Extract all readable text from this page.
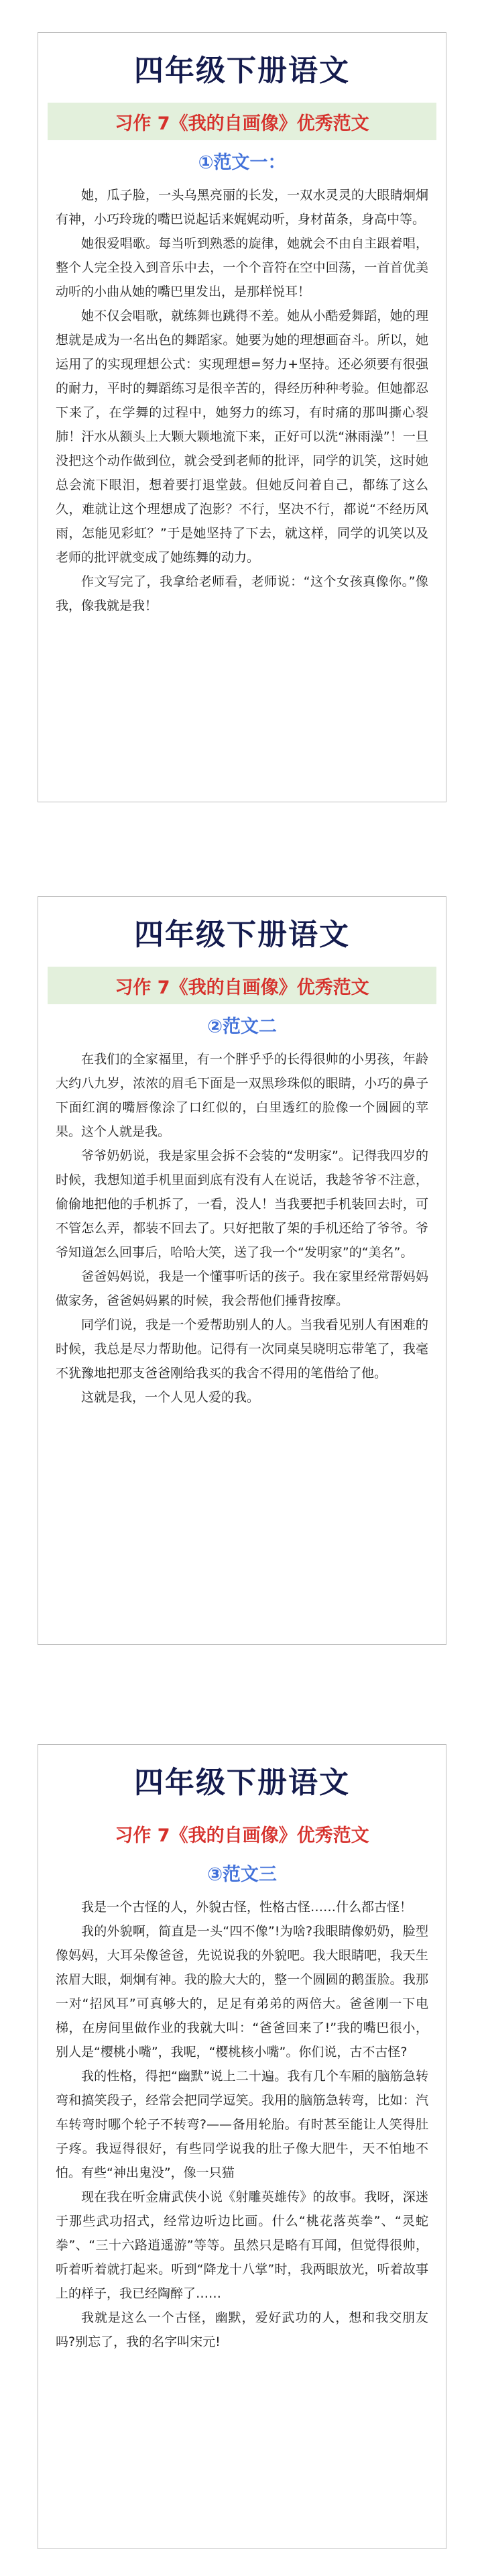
四年级下册语文
习作 7《我的自画像》优秀范文
①范文一：

她，瓜子脸，一头乌黑亮丽的长发，一双水灵灵的大眼睛炯炯有神，小巧玲珑的嘴巴说起话来娓娓动听，身材苗条，身高中等。

她很爱唱歌。每当听到熟悉的旋律，她就会不由自主跟着唱，整个人完全投入到音乐中去，一个个音符在空中回荡，一首首优美动听的小曲从她的嘴巴里发出，是那样悦耳！

她不仅会唱歌，就练舞也跳得不差。她从小酷爱舞蹈，她的理想就是成为一名出色的舞蹈家。她要为她的理想画奋斗。所以，她运用了的实现理想公式：实现理想=努力+坚持。还必须要有很强的耐力，平时的舞蹈练习是很辛苦的，得经历种种考验。但她都忍下来了，在学舞的过程中，她努力的练习，有时痛的那叫撕心裂肺！汗水从额头上大颗大颗地流下来，正好可以洗“淋雨澡”！一旦没把这个动作做到位，就会受到老师的批评，同学的讥笑，这时她总会流下眼泪，想着要打退堂鼓。但她反问着自己，都练了这么久，难就让这个理想成了泡影？不行，坚决不行，都说“不经历风雨，怎能见彩虹？”于是她坚持了下去，就这样，同学的讥笑以及老师的批评就变成了她练舞的动力。

作文写完了，我拿给老师看，老师说：“这个女孩真像你。”像我，像我就是我！

四年级下册语文
习作 7《我的自画像》优秀范文
②范文二

在我们的全家福里，有一个胖乎乎的长得很帅的小男孩，年龄大约八九岁，浓浓的眉毛下面是一双黑珍珠似的眼睛，小巧的鼻子下面红润的嘴唇像涂了口红似的，白里透红的脸像一个圆圆的苹果。这个人就是我。

爷爷奶奶说，我是家里会拆不会装的“发明家”。记得我四岁的时候，我想知道手机里面到底有没有人在说话，我趁爷爷不注意，偷偷地把他的手机拆了，一看，没人！当我要把手机装回去时，可不管怎么弄，都装不回去了。只好把散了架的手机还给了爷爷。爷爷知道怎么回事后，哈哈大笑，送了我一个“发明家”的“美名”。

爸爸妈妈说，我是一个懂事听话的孩子。我在家里经常帮妈妈做家务，爸爸妈妈累的时候，我会帮他们捶背按摩。

同学们说，我是一个爱帮助别人的人。当我看见别人有困难的时候，我总是尽力帮助他。记得有一次同桌吴晓明忘带笔了，我毫不犹豫地把那支爸爸刚给我买的我舍不得用的笔借给了他。

这就是我，一个人见人爱的我。

四年级下册语文
习作 7《我的自画像》优秀范文
③范文三

我是一个古怪的人，外貌古怪，性格古怪……什么都古怪！

我的外貌啊，简直是一头“四不像”!为啥?我眼睛像奶奶，脸型像妈妈，大耳朵像爸爸，先说说我的外貌吧。我大眼睛吧，我天生浓眉大眼，炯炯有神。我的脸大大的，整一个圆圆的鹅蛋脸。我那一对“招风耳”可真够大的，足足有弟弟的两倍大。爸爸刚一下电梯，在房间里做作业的我就大叫：“爸爸回来了!”我的嘴巴很小，别人是“樱桃小嘴”，我呢，“樱桃核小嘴”。你们说，古不古怪?

我的性格，得把“幽默”说上二十遍。我有几个车厢的脑筋急转弯和搞笑段子，经常会把同学逗笑。我用的脑筋急转弯，比如：汽车转弯时哪个轮子不转弯?——备用轮胎。有时甚至能让人笑得肚子疼。我逗得很好，有些同学说我的肚子像大肥牛，天不怕地不怕。有些“神出鬼没”，像一只猫

现在我在听金庸武侠小说《射雕英雄传》的故事。我呀，深迷于那些武功招式，经常边听边比画。什么“桃花落英拳”、“灵蛇拳”、“三十六路逍遥游”等等。虽然只是略有耳闻，但觉得很帅，听着听着就打起来。听到“降龙十八掌”时，我两眼放光，听着故事上的样子，我已经陶醉了……

我就是这么一个古怪，幽默，爱好武功的人，想和我交朋友吗?别忘了，我的名字叫宋元!
